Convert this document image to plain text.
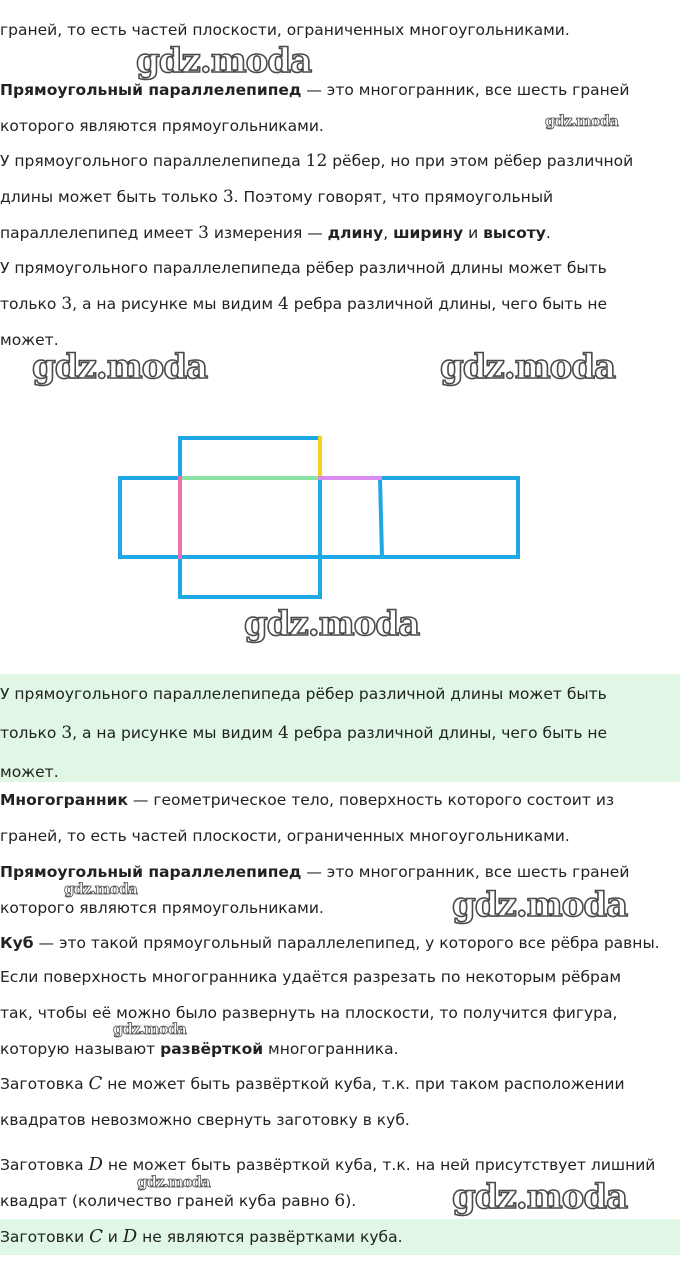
граней, то есть частей плоскости, ограниченных многоугольниками.
gdz.moda
Прямоугольный параллелепипед — это многогранник, все шесть граней
которого являются прямоугольниками.	gdz.moda
У прямоугольного параллелепипеда 12 рёбер, но при этом рёбер различной
длины может быть только 3. Поэтому говорят, что прямоугольный
параллелепипед имеет 3 измерения — длину, ширину и высоту.
У прямоугольного параллелепипеда рёбер различной длины может быть
только 3, а на рисунке мы видим 4 ребра различной длины, чего быть не
может.
gdz.moda	gdz.moda
gdz.moda
У прямоугольного параллелепипеда рёбер различной длины может быть
только 3, а на рисунке мы видим 4 ребра различной длины, чего быть не
может.
Многогранник — геометрическое тело, поверхность которого состоит из
граней, то есть частей плоскости, ограниченных многоугольниками.
Прямоугольный параллелепипед — это многогранник, все шесть граней
gdz.moda
которого являются прямоугольниками.	gdz.moda
Куб — это такой прямоугольный параллелепипед, у которого все рёбра равны.
Если поверхность многогранника удаётся разрезать по некоторым рёбрам
так, чтобы её можно было развернуть на плоскости, то получится фигура,
gdz.moda
которую называют развёрткой многогранника.
Заготовка C не может быть развёрткой куба, т.к. при таком расположении
квадратов невозможно свернуть заготовку в куб.
Заготовка D не может быть развёрткой куба, т.к. на ней присутствует лишний
gdz.moda
квадрат (количество граней куба равно 6).	gdz.moda
Заготовки C и D не являются развёртками куба.
